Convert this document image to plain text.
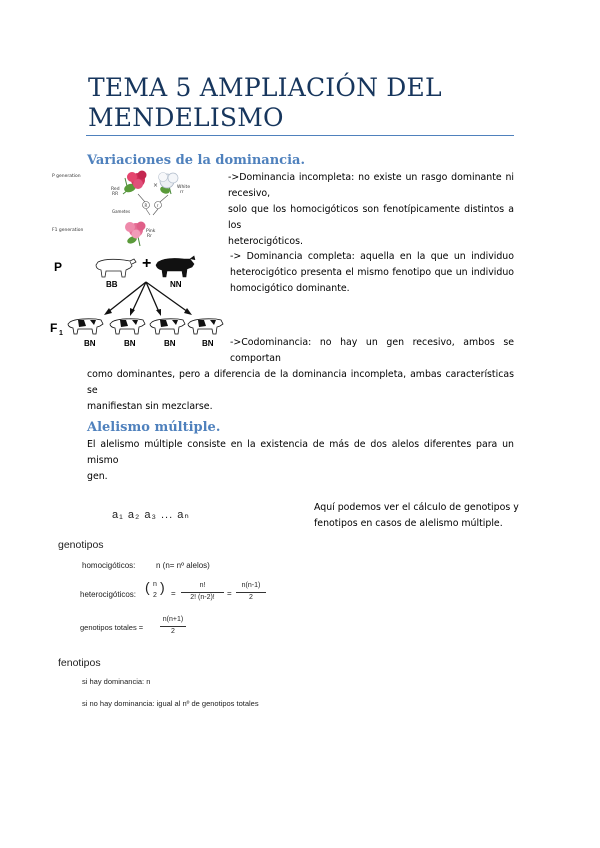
TEMA 5 AMPLIACIÓN DEL
MENDELISMO
Variaciones de la dominancia.
P generation
Red
RR
×	White
rr
R r
Gametes
F1 generation	Pink
Rr
->Dominancia incompleta: no existe un rasgo dominante ni recesivo,
solo que los homocigóticos son fenotípicamente distintos a los
heterocigóticos.
P	+
BB	NN
F 1
BN	BN	BN	BN
-> Dominancia completa: aquella en la que un individuo
heterocigótico presenta el mismo fenotipo que un individuo
homocigótico dominante.
->Codominancia: no hay un gen recesivo, ambos se comportan
como dominantes, pero a diferencia de la dominancia incompleta, ambas características se
manifiestan sin mezclarse.
Alelismo múltiple.
El alelismo múltiple consiste en la existencia de más de dos alelos diferentes para un mismo
gen.
a₁ a₂ a₃ ... aₙ
Aquí podemos ver el cálculo de genotipos y
fenotipos en casos de alelismo múltiple.
genotipos
homocigóticos:	n (n= nº alelos)
heterocigóticos: ( n
2
) =
n!
2! (n-2)!	=
n(n-1)
2
genotipos totales =
n(n+1)
2
fenotipos
si hay dominancia: n
si no hay dominancia: igual al nº de genotipos totales
